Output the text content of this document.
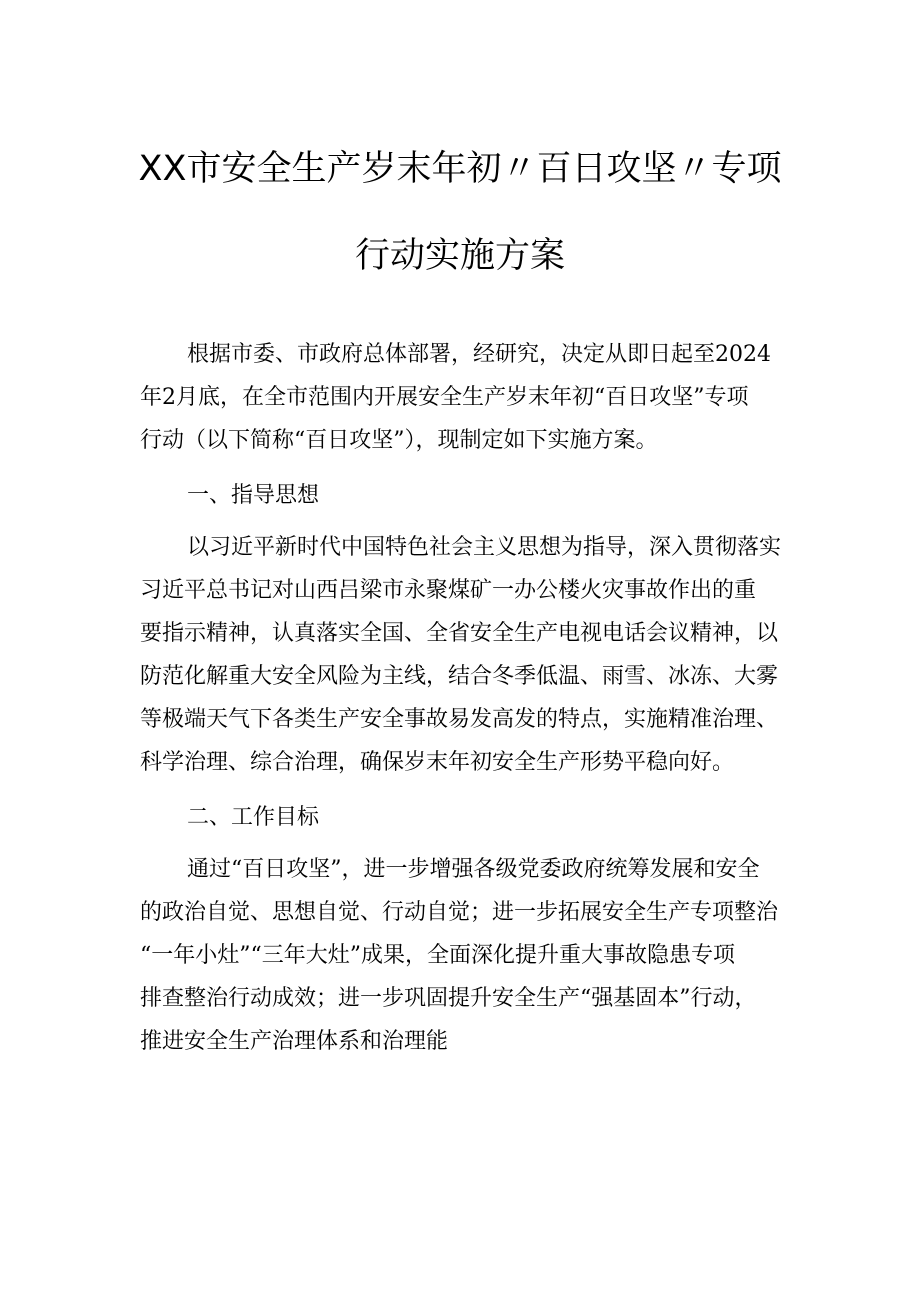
XX市安全生产岁末年初〃百日攻坚〃专项
行动实施方案

根据市委、市政府总体部署，经研究，决定从即日起至2024

年2月底，在全市范围内开展安全生产岁末年初“百日攻坚”专项

行动（以下简称“百日攻坚”），现制定如下实施方案。

一、指导思想

以习近平新时代中国特色社会主义思想为指导，深入贯彻落实

习近平总书记对山西吕梁市永聚煤矿一办公楼火灾事故作出的重

要指示精神，认真落实全国、全省安全生产电视电话会议精神，以

防范化解重大安全风险为主线，结合冬季低温、雨雪、冰冻、大雾

等极端天气下各类生产安全事故易发高发的特点，实施精准治理、

科学治理、综合治理，确保岁末年初安全生产形势平稳向好。

二、工作目标

通过“百日攻坚”，进一步增强各级党委政府统筹发展和安全

的政治自觉、思想自觉、行动自觉；进一步拓展安全生产专项整治

“一年小灶”“三年大灶”成果，全面深化提升重大事故隐患专项

排查整治行动成效；进一步巩固提升安全生产“强基固本”行动，

推进安全生产治理体系和治理能
